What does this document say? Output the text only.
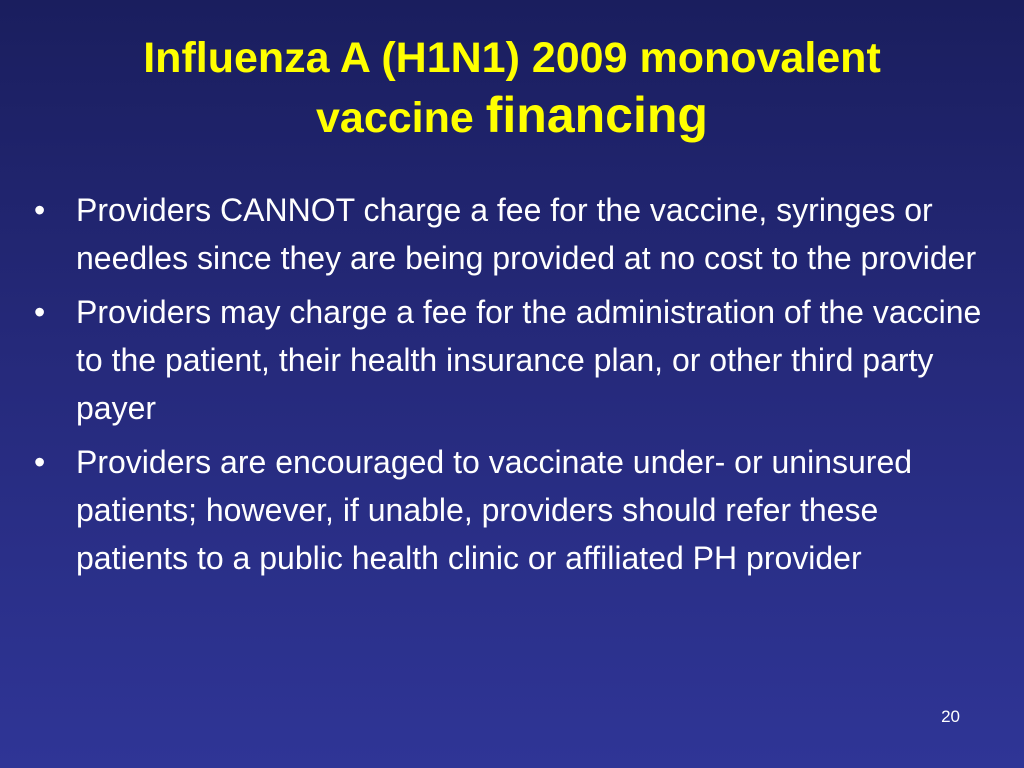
Influenza A (H1N1) 2009 monovalent
vaccine financing
• Providers CANNOT charge a fee for the vaccine, syringes or needles since they are being provided at no cost to the provider
• Providers may charge a fee for the administration of the vaccine to the patient, their health insurance plan, or other third party payer
• Providers are encouraged to vaccinate under- or uninsured patients; however, if unable, providers should refer these patients to a public health clinic or affiliated PH provider
20
